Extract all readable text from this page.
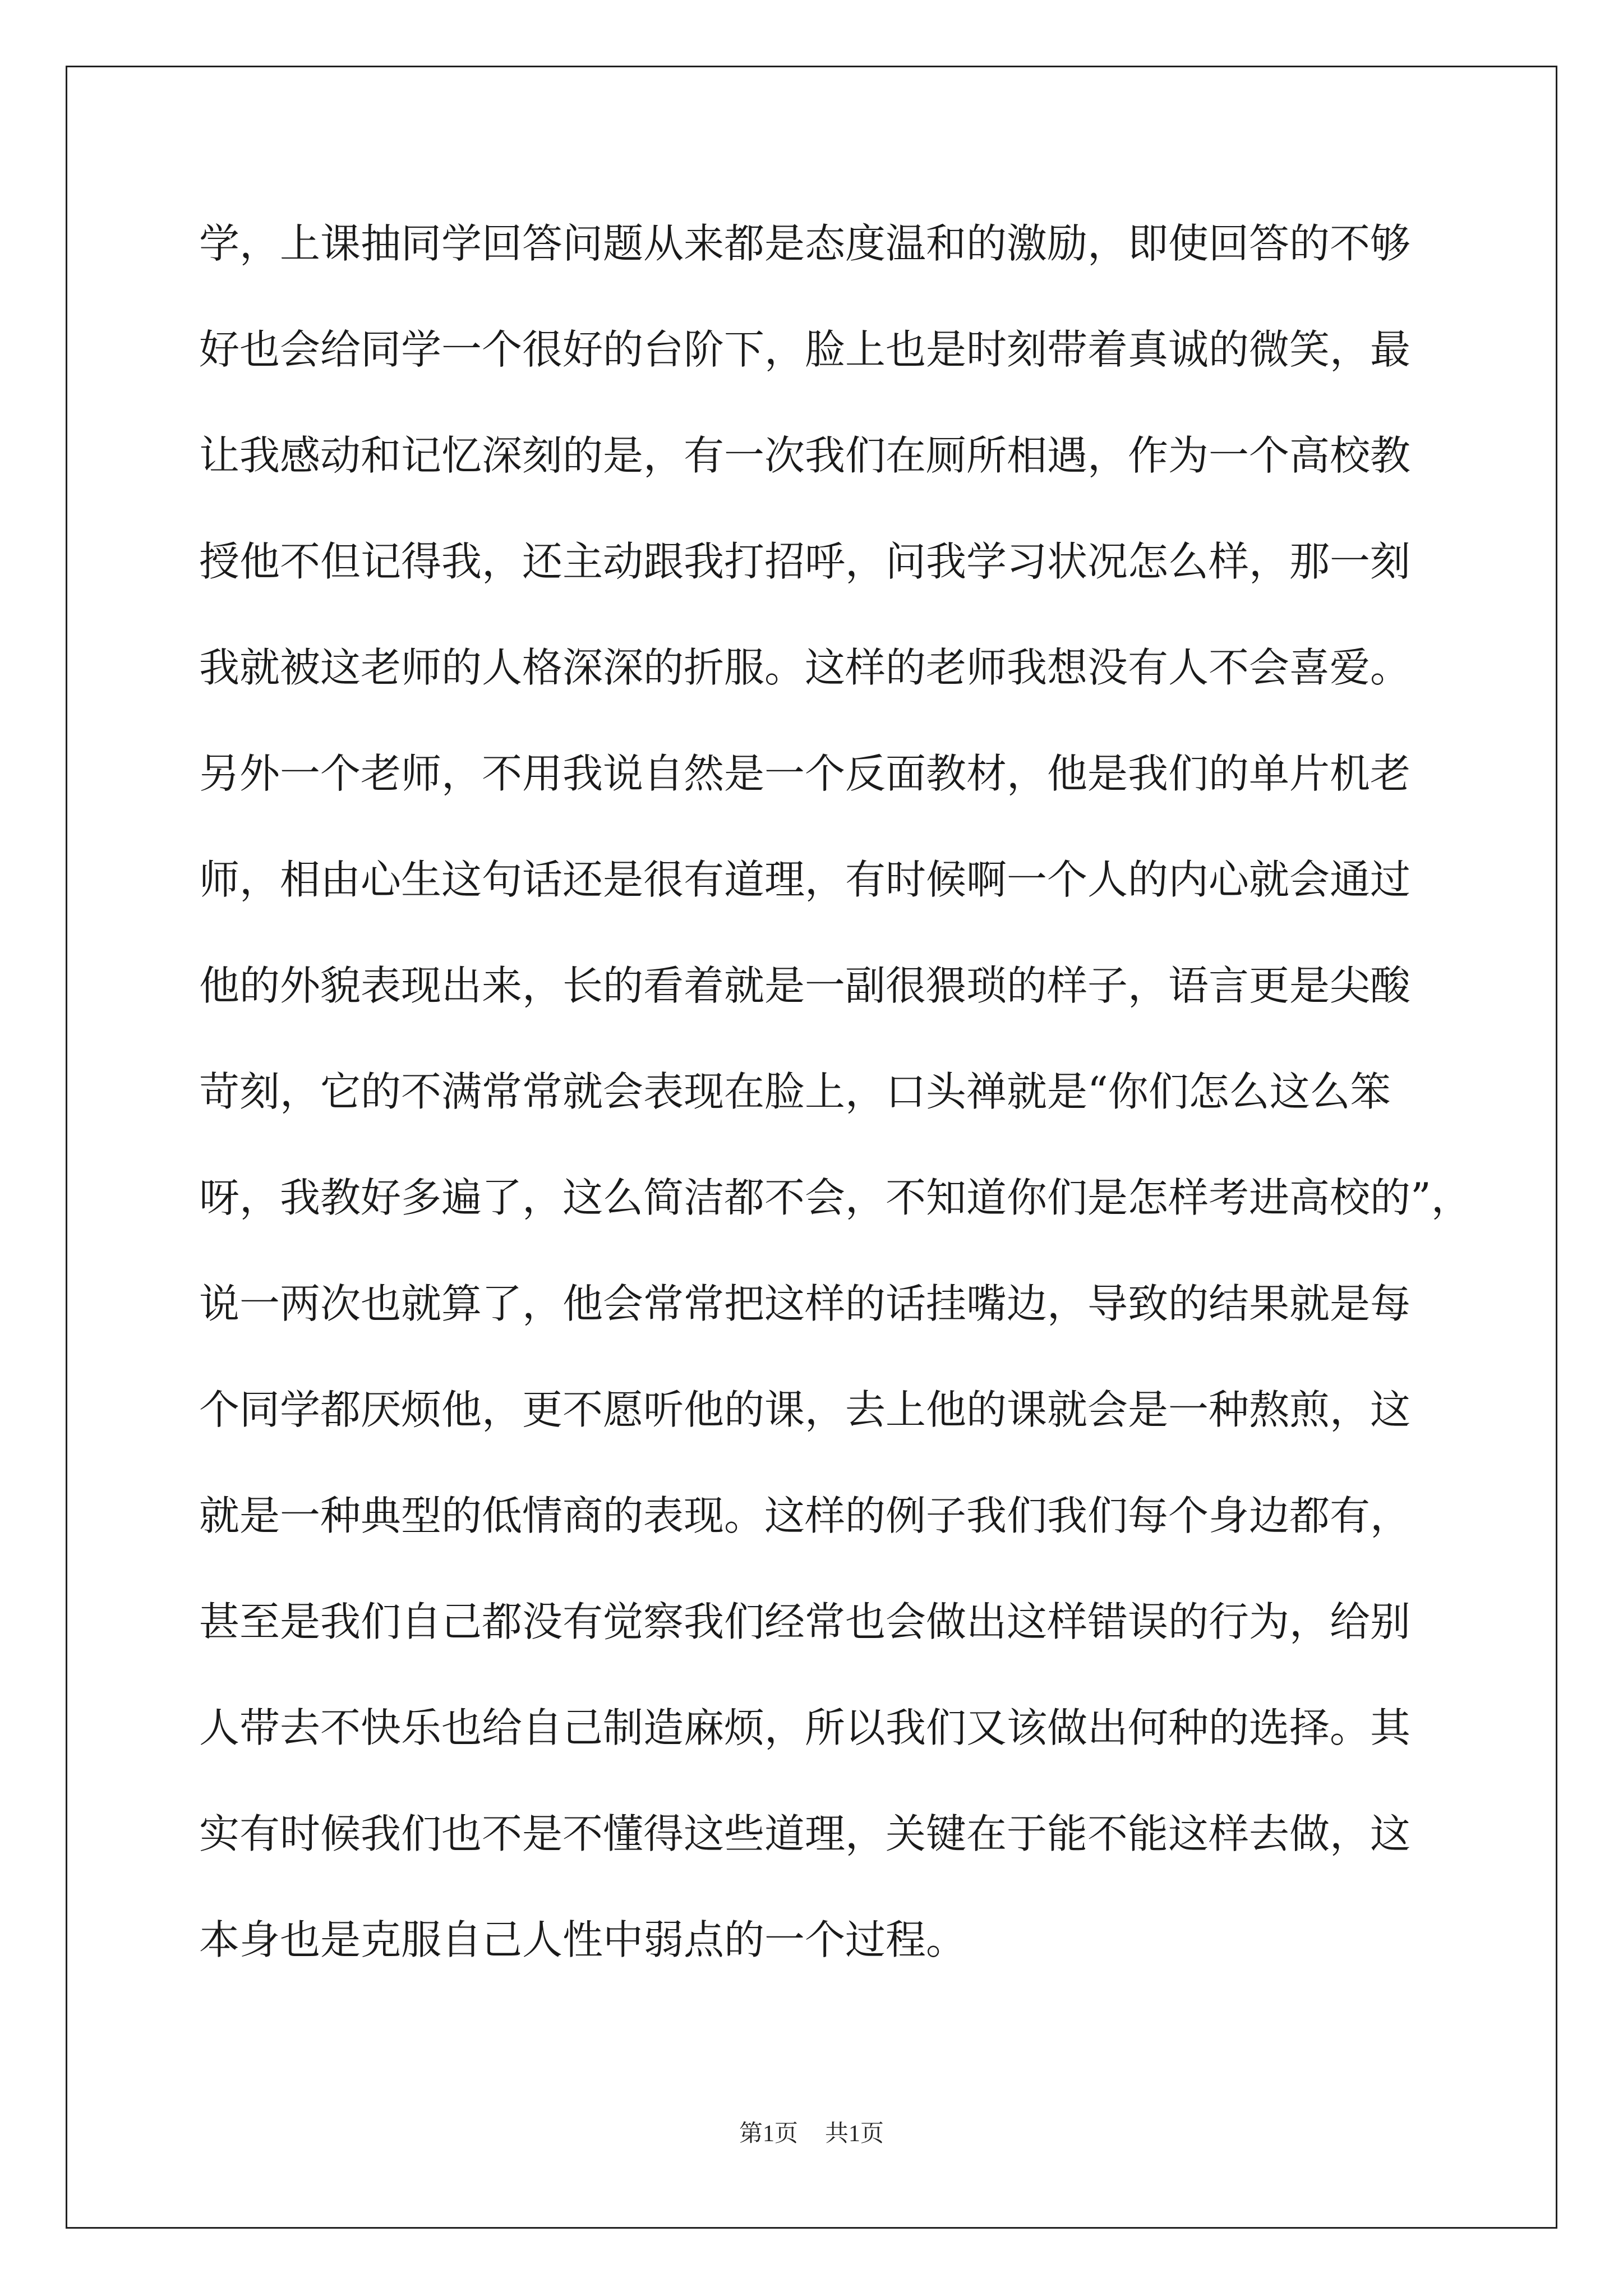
学，上课抽同学回答问题从来都是态度温和的激励，即使回答的不够
好也会给同学一个很好的台阶下，脸上也是时刻带着真诚的微笑，最
让我感动和记忆深刻的是，有一次我们在厕所相遇，作为一个高校教
授他不但记得我，还主动跟我打招呼，问我学习状况怎么样，那一刻
我就被这老师的人格深深的折服。这样的老师我想没有人不会喜爱。
另外一个老师，不用我说自然是一个反面教材，他是我们的单片机老
师，相由心生这句话还是很有道理，有时候啊一个人的内心就会通过
他的外貌表现出来，长的看着就是一副很猥琐的样子，语言更是尖酸
苛刻，它的不满常常就会表现在脸上，口头禅就是“你们怎么这么笨
呀，我教好多遍了，这么简洁都不会，不知道你们是怎样考进高校的”，
说一两次也就算了，他会常常把这样的话挂嘴边，导致的结果就是每
个同学都厌烦他，更不愿听他的课，去上他的课就会是一种熬煎，这
就是一种典型的低情商的表现。这样的例子我们我们每个身边都有，
甚至是我们自己都没有觉察我们经常也会做出这样错误的行为，给别
人带去不快乐也给自己制造麻烦，所以我们又该做出何种的选择。其
实有时候我们也不是不懂得这些道理，关键在于能不能这样去做，这
本身也是克服自己人性中弱点的一个过程。
第1页 共1页
